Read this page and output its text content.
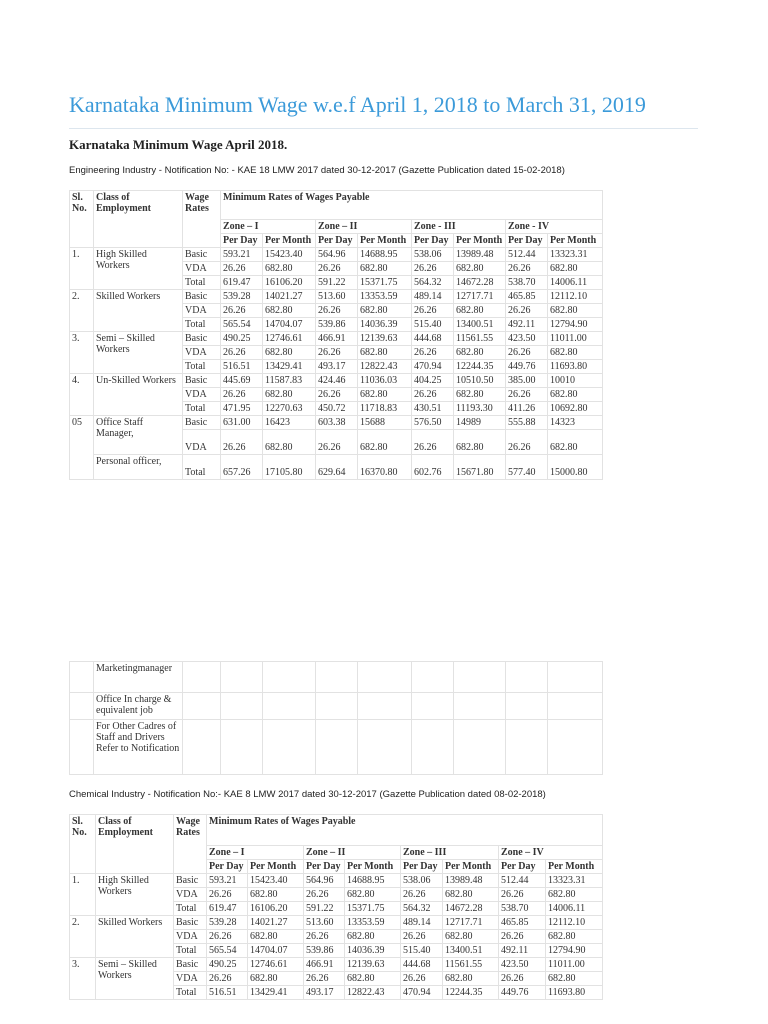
Karnataka Minimum Wage w.e.f April 1, 2018 to March 31, 2019
Karnataka Minimum Wage April 2018.
Engineering Industry - Notification No: - KAE 18 LMW 2017 dated 30-12-2017 (Gazette Publication dated 15-02-2018)
Sl. No.	Class of Employment	Wage Rates	Minimum Rates of Wages Payable							
			Zone – I		Zone – II		Zone - III		Zone - IV	
			Per Day	Per Month	Per Day	Per Month	Per Day	Per Month	Per Day	Per Month
1.	High Skilled Workers	Basic	593.21	15423.40	564.96	14688.95	538.06	13989.48	512.44	13323.31
		VDA	26.26	682.80	26.26	682.80	26.26	682.80	26.26	682.80
		Total	619.47	16106.20	591.22	15371.75	564.32	14672.28	538.70	14006.11
2.	Skilled Workers	Basic	539.28	14021.27	513.60	13353.59	489.14	12717.71	465.85	12112.10
		VDA	26.26	682.80	26.26	682.80	26.26	682.80	26.26	682.80
		Total	565.54	14704.07	539.86	14036.39	515.40	13400.51	492.11	12794.90
3.	Semi – Skilled Workers	Basic	490.25	12746.61	466.91	12139.63	444.68	11561.55	423.50	11011.00
		VDA	26.26	682.80	26.26	682.80	26.26	682.80	26.26	682.80
		Total	516.51	13429.41	493.17	12822.43	470.94	12244.35	449.76	11693.80
4.	Un-Skilled Workers	Basic	445.69	11587.83	424.46	11036.03	404.25	10510.50	385.00	10010
		VDA	26.26	682.80	26.26	682.80	26.26	682.80	26.26	682.80
		Total	471.95	12270.63	450.72	11718.83	430.51	11193.30	411.26	10692.80
05	Office Staff Manager,	Basic	631.00	16423	603.38	15688	576.50	14989	555.88	14323
		VDA	26.26	682.80	26.26	682.80	26.26	682.80	26.26	682.80
	Personal officer,	Total	657.26	17105.80	629.64	16370.80	602.76	15671.80	577.40	15000.80
	Marketingmanager									
	Office In charge & equivalent job									
	For Other Cadres of Staff and Drivers Refer to Notification									
Chemical Industry - Notification No:- KAE 8 LMW 2017 dated 30-12-2017 (Gazette Publication dated 08-02-2018)
Sl. No.	Class of Employment	Wage Rates	Minimum Rates of Wages Payable							
			Zone – I		Zone – II		Zone – III		Zone – IV	
			Per Day	Per Month	Per Day	Per Month	Per Day	Per Month	Per Day	Per Month
1.	High Skilled Workers	Basic	593.21	15423.40	564.96	14688.95	538.06	13989.48	512.44	13323.31
		VDA	26.26	682.80	26.26	682.80	26.26	682.80	26.26	682.80
		Total	619.47	16106.20	591.22	15371.75	564.32	14672.28	538.70	14006.11
2.	Skilled Workers	Basic	539.28	14021.27	513.60	13353.59	489.14	12717.71	465.85	12112.10
		VDA	26.26	682.80	26.26	682.80	26.26	682.80	26.26	682.80
		Total	565.54	14704.07	539.86	14036.39	515.40	13400.51	492.11	12794.90
3.	Semi – Skilled Workers	Basic	490.25	12746.61	466.91	12139.63	444.68	11561.55	423.50	11011.00
		VDA	26.26	682.80	26.26	682.80	26.26	682.80	26.26	682.80
		Total	516.51	13429.41	493.17	12822.43	470.94	12244.35	449.76	11693.80
